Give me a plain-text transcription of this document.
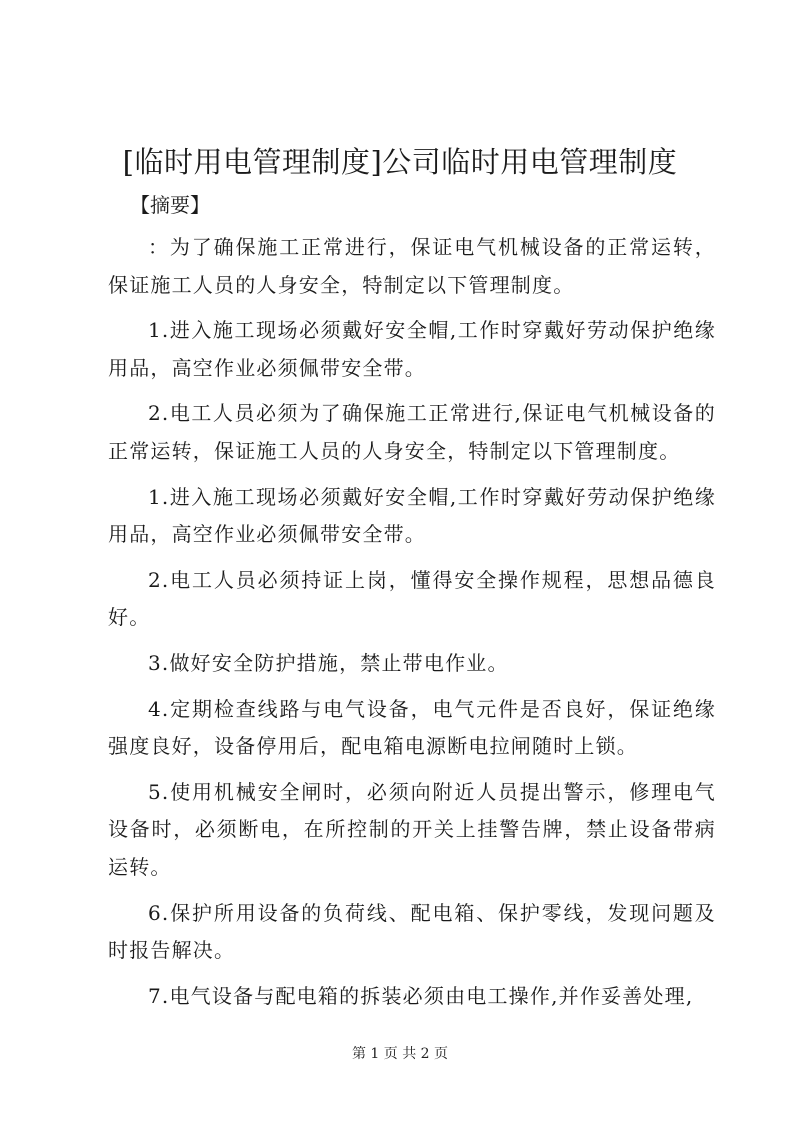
[临时用电管理制度]公司临时用电管理制度

【摘要】

：为了确保施工正常进行，保证电气机械设备的正常运转，保证施工人员的人身安全，特制定以下管理制度。

1.进入施工现场必须戴好安全帽,工作时穿戴好劳动保护绝缘用品，高空作业必须佩带安全带。

2.电工人员必须为了确保施工正常进行,保证电气机械设备的正常运转，保证施工人员的人身安全，特制定以下管理制度。

1.进入施工现场必须戴好安全帽,工作时穿戴好劳动保护绝缘用品，高空作业必须佩带安全带。

2.电工人员必须持证上岗，懂得安全操作规程，思想品德良好。

3.做好安全防护措施，禁止带电作业。

4.定期检查线路与电气设备，电气元件是否良好，保证绝缘强度良好，设备停用后，配电箱电源断电拉闸随时上锁。

5.使用机械安全闸时，必须向附近人员提出警示，修理电气设备时，必须断电，在所控制的开关上挂警告牌，禁止设备带病运转。

6.保护所用设备的负荷线、配电箱、保护零线，发现问题及时报告解决。

7.电气设备与配电箱的拆装必须由电工操作,并作妥善处理,

第 1 页 共 2 页
